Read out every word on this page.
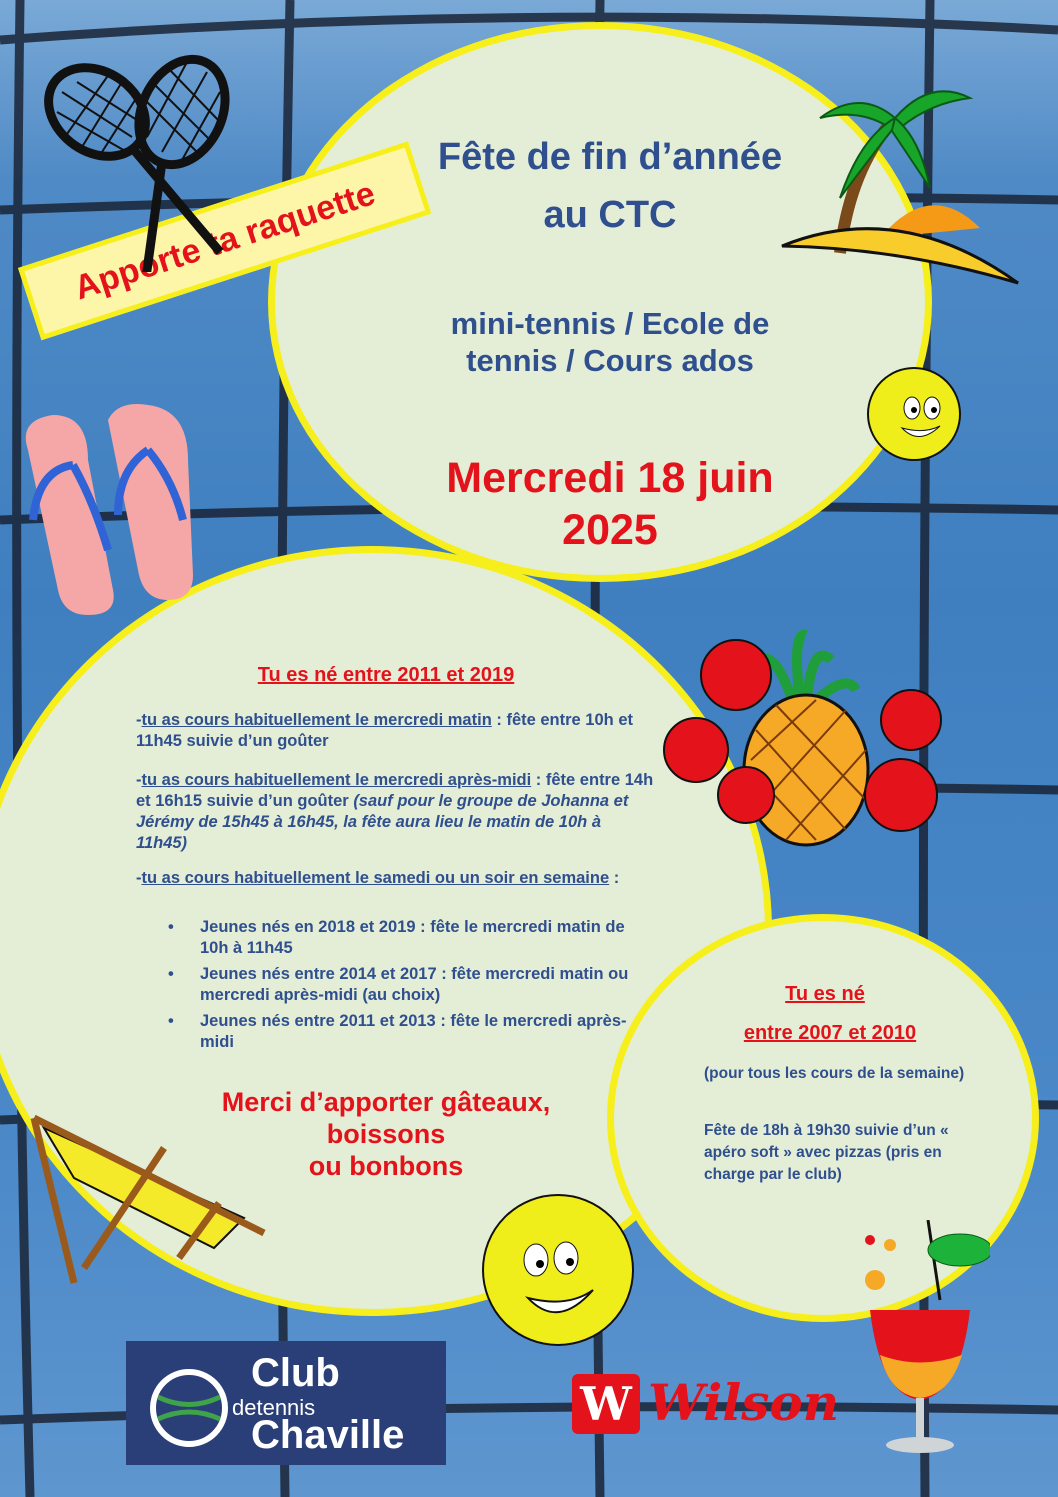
Fête de fin d’année
au CTC
mini-tennis / Ecole de
tennis / Cours ados
Mercredi 18 juin
2025
Apporte ta raquette
Tu es né entre 2011 et 2019
-tu as cours habituellement le mercredi matin : fête entre 10h et 11h45 suivie d’un goûter
-tu as cours habituellement le mercredi après-midi : fête entre 14h et 16h15 suivie d’un goûter (sauf pour le groupe de Johanna et Jérémy de 15h45 à 16h45, la fête aura lieu le matin de 10h à 11h45)
-tu as cours habituellement le samedi ou un soir en semaine :
• Jeunes nés en 2018 et 2019 : fête le mercredi matin de 10h à 11h45
• Jeunes nés entre 2014 et 2017 : fête mercredi matin ou mercredi après-midi (au choix)
• Jeunes nés entre 2011 et 2013 : fête le mercredi après-midi
Merci d’apporter gâteaux,
boissons
ou bonbons
Tu es né
entre 2007 et 2010
(pour tous les cours de la semaine)
Fête de 18h à 19h30 suivie d’un « apéro soft » avec pizzas (pris en charge par le club)
Club
detennis
Chaville
W Wilson
